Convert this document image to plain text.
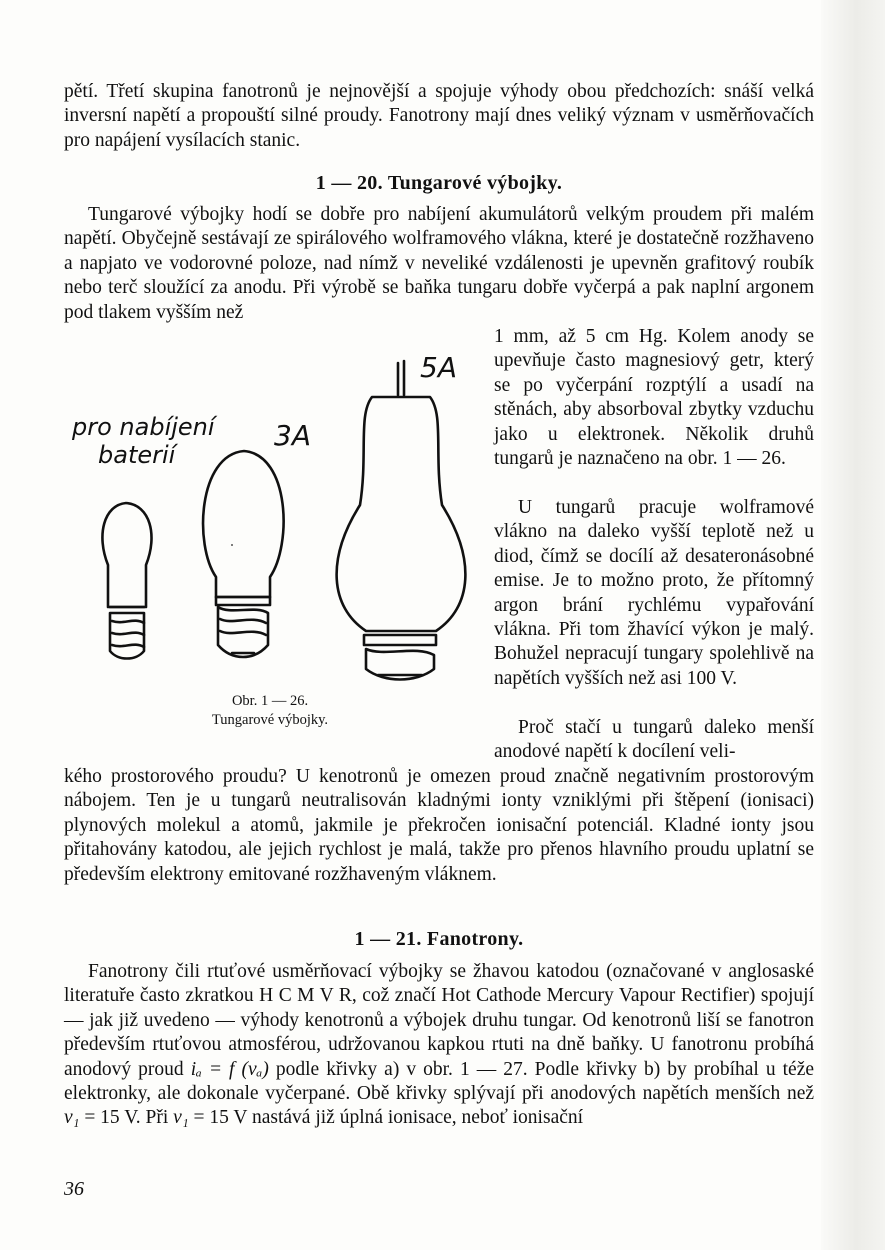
pětí. Třetí skupina fanotronů je nejnovější a spojuje výhody obou předchozích: snáší velká inversní napětí a propouští silné proudy. Fanotrony mají dnes veliký význam v usměrňovačích pro napájení vysílacích stanic.

1 — 20. Tungarové výbojky.

Tungarové výbojky hodí se dobře pro nabíjení akumulátorů velkým proudem při malém napětí. Obyčejně sestávají ze spirálového wolframového vlákna, které je dostatečně rozžhaveno a napjato ve vodorovné poloze, nad nímž v neveliké vzdálenosti je upevněn grafitový roubík nebo terč sloužící za anodu. Při výrobě se baňka tungaru dobře vyčerpá a pak naplní argonem pod tlakem vyšším než

1 mm, až 5 cm Hg. Kolem anody se upevňuje často magnesiový getr, který se po vyčerpání rozptýlí a usadí na stěnách, aby absorboval zbytky vzduchu jako u elektronek. Několik druhů tungarů je naznačeno na obr. 1 — 26.

U tungarů pracuje wolframové vlákno na daleko vyšší teplotě než u diod, čímž se docílí až desateronásobné emise. Je to možno proto, že přítomný argon brání rychlému vypařování vlákna. Při tom žhavící výkon je malý. Bohužel nepracují tungary spolehlivě na napětích vyšších než asi 100 V.

Proč stačí u tungarů daleko menší anodové napětí k docílení veli-

pro nabíjení
baterií
3A
5A
Obr. 1 — 26.
Tungarové výbojky.

kého prostorového proudu? U kenotronů je omezen proud značně negativním prostorovým nábojem. Ten je u tungarů neutralisován kladnými ionty vzniklými při štěpení (ionisaci) plynových molekul a atomů, jakmile je překročen ionisační potenciál. Kladné ionty jsou přitahovány katodou, ale jejich rychlost je malá, takže pro přenos hlavního proudu uplatní se především elektrony emitované rozžhaveným vláknem.

1 — 21. Fanotrony.

Fanotrony čili rtuťové usměrňovací výbojky se žhavou katodou (označované v anglosaské literatuře často zkratkou H C M V R, což značí Hot Cathode Mercury Vapour Rectifier) spojují — jak již uvedeno — výhody kenotronů a výbojek druhu tungar. Od kenotronů liší se fanotron především rtuťovou atmosférou, udržovanou kapkou rtuti na dně baňky. U fanotronu probíhá anodový proud iₐ = f (vₐ) podle křivky a) v obr. 1 — 27. Podle křivky b) by probíhal u téže elektronky, ale dokonale vyčerpané. Obě křivky splývají při anodových napětích menších než v₁ = 15 V. Při v₁ = 15 V nastává již úplná ionisace, neboť ionisační

36
